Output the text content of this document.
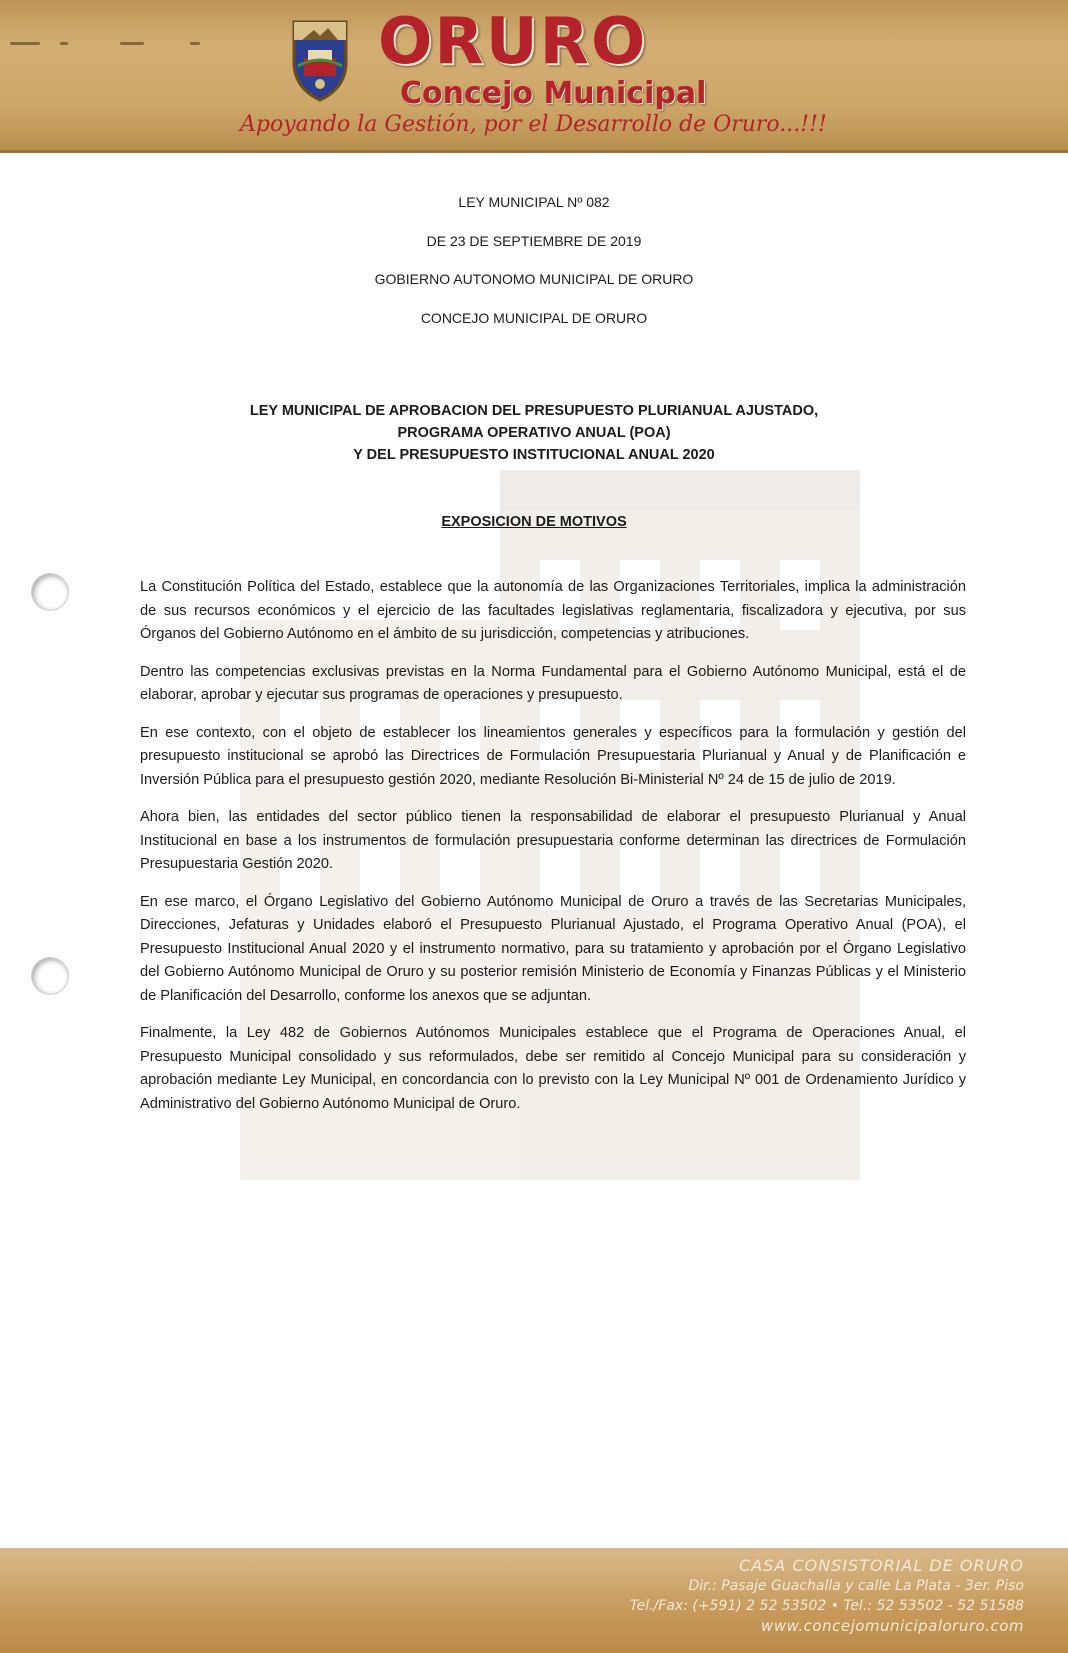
ORURO
Concejo Municipal
Apoyando la Gestión, por el Desarrollo de Oruro...!!!
LEY MUNICIPAL Nº 082
DE 23 DE SEPTIEMBRE DE 2019
GOBIERNO AUTONOMO MUNICIPAL DE ORURO
CONCEJO MUNICIPAL DE ORURO
LEY MUNICIPAL DE APROBACION DEL PRESUPUESTO PLURIANUAL AJUSTADO,
PROGRAMA OPERATIVO ANUAL (POA)
Y DEL PRESUPUESTO INSTITUCIONAL ANUAL 2020
EXPOSICION DE MOTIVOS

La Constitución Política del Estado, establece que la autonomía de las Organizaciones Territoriales, implica la administración de sus recursos económicos y el ejercicio de las facultades legislativas reglamentaria, fiscalizadora y ejecutiva, por sus Órganos del Gobierno Autónomo en el ámbito de su jurisdicción, competencias y atribuciones.

Dentro las competencias exclusivas previstas en la Norma Fundamental para el Gobierno Autónomo Municipal, está el de elaborar, aprobar y ejecutar sus programas de operaciones y presupuesto.

En ese contexto, con el objeto de establecer los lineamientos generales y específicos para la formulación y gestión del presupuesto institucional se aprobó las Directrices de Formulación Presupuestaria Plurianual y Anual y de Planificación e Inversión Pública para el presupuesto gestión 2020, mediante Resolución Bi-Ministerial Nº 24 de 15 de julio de 2019.

Ahora bien, las entidades del sector público tienen la responsabilidad de elaborar el presupuesto Plurianual y Anual Institucional en base a los instrumentos de formulación presupuestaria conforme determinan las directrices de Formulación Presupuestaria Gestión 2020.

En ese marco, el Órgano Legislativo del Gobierno Autónomo Municipal de Oruro a través de las Secretarias Municipales, Direcciones, Jefaturas y Unidades elaboró el Presupuesto Plurianual Ajustado, el Programa Operativo Anual (POA), el Presupuesto Institucional Anual 2020 y el instrumento normativo, para su tratamiento y aprobación por el Órgano Legislativo del Gobierno Autónomo Municipal de Oruro y su posterior remisión Ministerio de Economía y Finanzas Públicas y el Ministerio de Planificación del Desarrollo, conforme los anexos que se adjuntan.

Finalmente, la Ley 482 de Gobiernos Autónomos Municipales establece que el Programa de Operaciones Anual, el Presupuesto Municipal consolidado y sus reformulados, debe ser remitido al Concejo Municipal para su consideración y aprobación mediante Ley Municipal, en concordancia con lo previsto con la Ley Municipal Nº 001 de Ordenamiento Jurídico y Administrativo del Gobierno Autónomo Municipal de Oruro.

CASA CONSISTORIAL DE ORURO
Dir.: Pasaje Guachalla y calle La Plata - 3er. Piso
Tel./Fax: (+591) 2 52 53502 • Tel.: 52 53502 - 52 51588
www.concejomunicipaloruro.com
